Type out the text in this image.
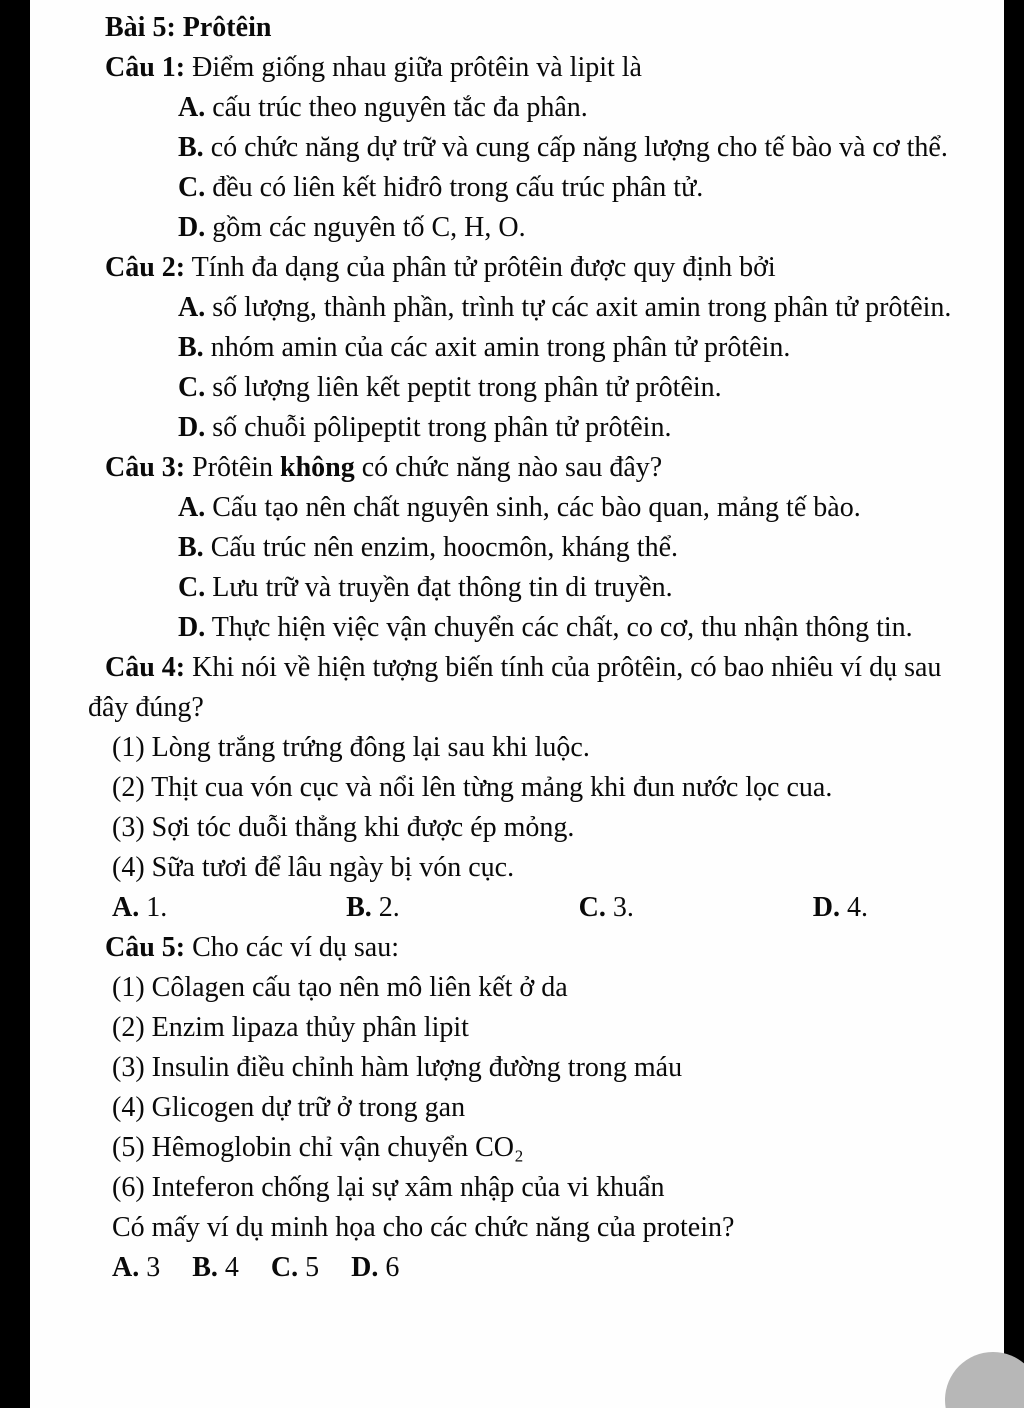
Bài 5: Prôtêin

Câu 1: Điểm giống nhau giữa prôtêin và lipit là

A. cấu trúc theo nguyên tắc đa phân.

B. có chức năng dự trữ và cung cấp năng lượng cho tế bào và cơ thể.

C. đều có liên kết hiđrô trong cấu trúc phân tử.

D. gồm các nguyên tố C, H, O.

Câu 2: Tính đa dạng của phân tử prôtêin được quy định bởi

A. số lượng, thành phần, trình tự các axit amin trong phân tử prôtêin.

B. nhóm amin của các axit amin trong phân tử prôtêin.

C. số lượng liên kết peptit trong phân tử prôtêin.

D. số chuỗi pôlipeptit trong phân tử prôtêin.

Câu 3: Prôtêin không có chức năng nào sau đây?

A. Cấu tạo nên chất nguyên sinh, các bào quan, mảng tế bào.

B. Cấu trúc nên enzim, hoocmôn, kháng thể.

C. Lưu trữ và truyền đạt thông tin di truyền.

D. Thực hiện việc vận chuyển các chất, co cơ, thu nhận thông tin.

Câu 4: Khi nói về hiện tượng biến tính của prôtêin, có bao nhiêu ví dụ sau đây đúng?

(1) Lòng trắng trứng đông lại sau khi luộc.

(2) Thịt cua vón cục và nổi lên từng mảng khi đun nước lọc cua.

(3) Sợi tóc duỗi thẳng khi được ép mỏng.

(4) Sữa tươi để lâu ngày bị vón cục.

A. 1.	B. 2.	C. 3.	D. 4.

Câu 5: Cho các ví dụ sau:

(1) Côlagen cấu tạo nên mô liên kết ở da

(2) Enzim lipaza thủy phân lipit

(3) Insulin điều chỉnh hàm lượng đường trong máu

(4) Glicogen dự trữ ở trong gan

(5) Hêmoglobin chỉ vận chuyển CO₂

(6) Inteferon chống lại sự xâm nhập của vi khuẩn

Có mấy ví dụ minh họa cho các chức năng của protein?

A. 3 B. 4 C. 5 D. 6
